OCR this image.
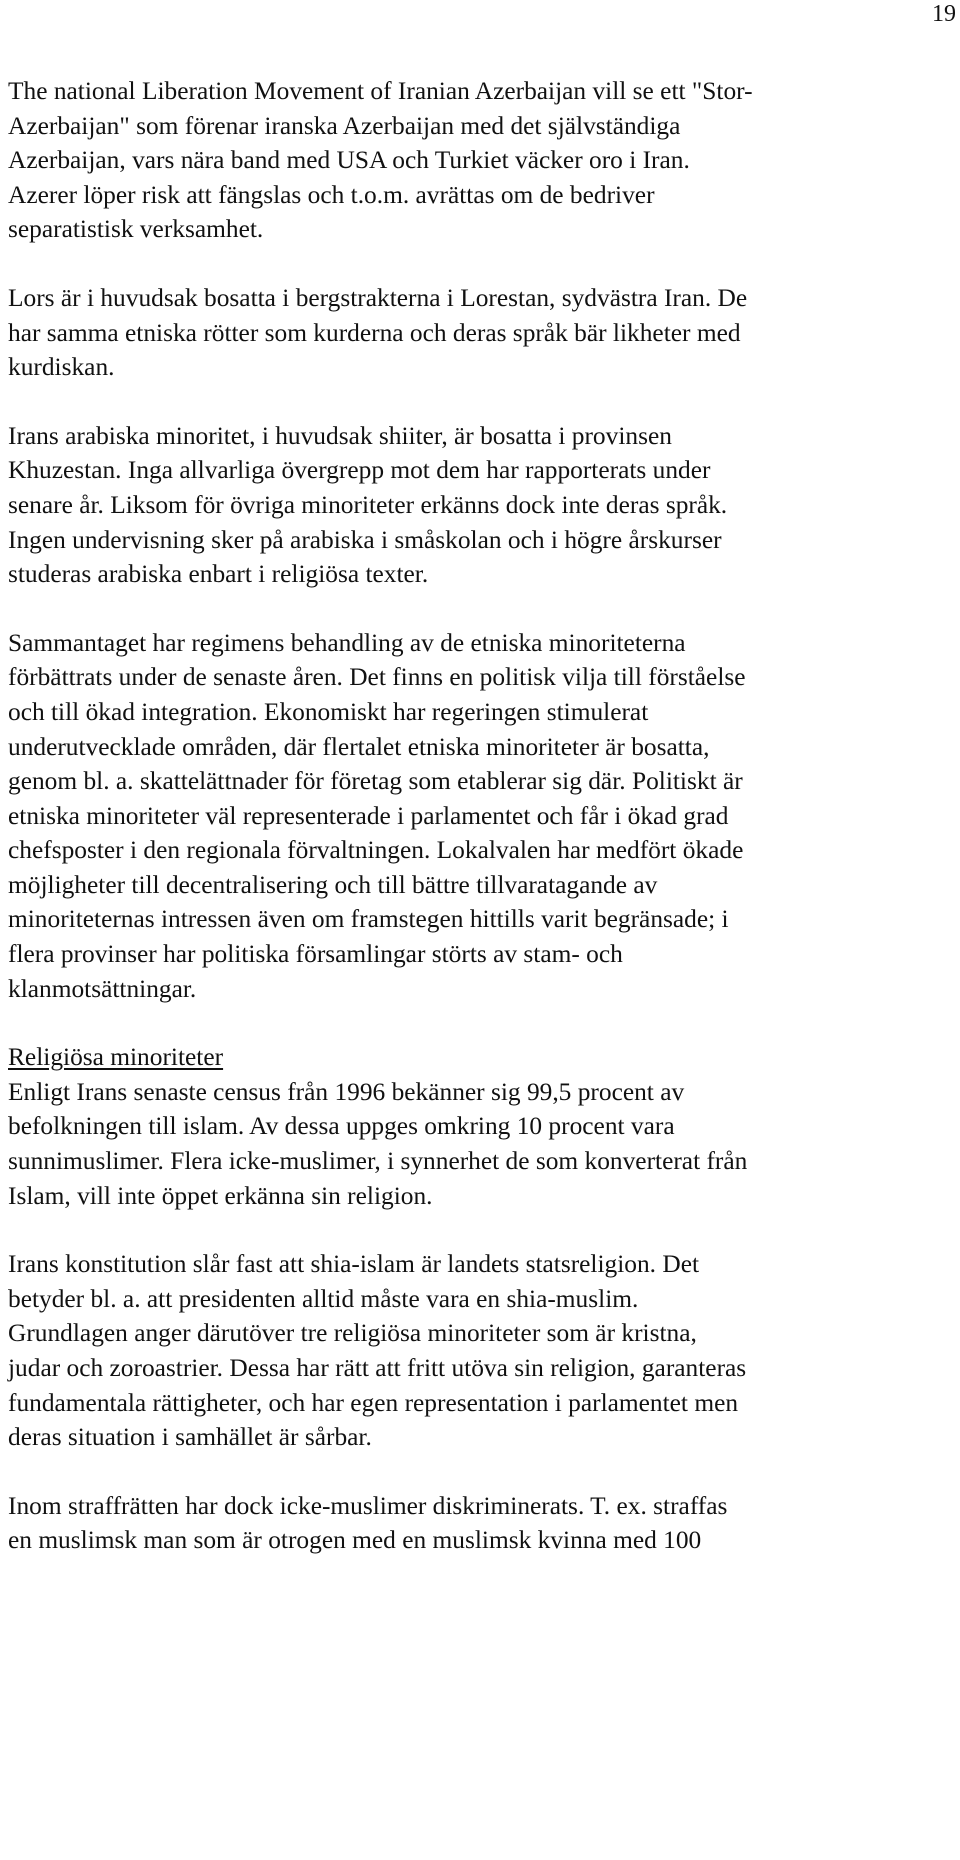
19

The national Liberation Movement of Iranian Azerbaijan vill se ett "Stor-
Azerbaijan" som förenar iranska Azerbaijan med det självständiga
Azerbaijan, vars nära band med USA och Turkiet väcker oro i Iran.
Azerer löper risk att fängslas och t.o.m. avrättas om de bedriver
separatistisk verksamhet.

Lors är i huvudsak bosatta i bergstrakterna i Lorestan, sydvästra Iran. De
har samma etniska rötter som kurderna och deras språk bär likheter med
kurdiskan.

Irans arabiska minoritet, i huvudsak shiiter, är bosatta i provinsen
Khuzestan. Inga allvarliga övergrepp mot dem har rapporterats under
senare år. Liksom för övriga minoriteter erkänns dock inte deras språk.
Ingen undervisning sker på arabiska i småskolan och i högre årskurser
studeras arabiska enbart i religiösa texter.

Sammantaget har regimens behandling av de etniska minoriteterna
förbättrats under de senaste åren. Det finns en politisk vilja till förståelse
och till ökad integration. Ekonomiskt har regeringen stimulerat
underutvecklade områden, där flertalet etniska minoriteter är bosatta,
genom bl. a. skattelättnader för företag som etablerar sig där. Politiskt är
etniska minoriteter väl representerade i parlamentet och får i ökad grad
chefsposter i den regionala förvaltningen. Lokalvalen har medfört ökade
möjligheter till decentralisering och till bättre tillvaratagande av
minoriteternas intressen även om framstegen hittills varit begränsade; i
flera provinser har politiska församlingar störts av stam- och
klanmotsättningar.

Religiösa minoriteter
Enligt Irans senaste census från 1996 bekänner sig 99,5 procent av
befolkningen till islam. Av dessa uppges omkring 10 procent vara
sunnimuslimer. Flera icke-muslimer, i synnerhet de som konverterat från
Islam, vill inte öppet erkänna sin religion.

Irans konstitution slår fast att shia-islam är landets statsreligion. Det
betyder bl. a. att presidenten alltid måste vara en shia-muslim.
Grundlagen anger därutöver tre religiösa minoriteter som är kristna,
judar och zoroastrier. Dessa har rätt att fritt utöva sin religion, garanteras
fundamentala rättigheter, och har egen representation i parlamentet men
deras situation i samhället är sårbar.

Inom straffrätten har dock icke-muslimer diskriminerats. T. ex. straffas
en muslimsk man som är otrogen med en muslimsk kvinna med 100
